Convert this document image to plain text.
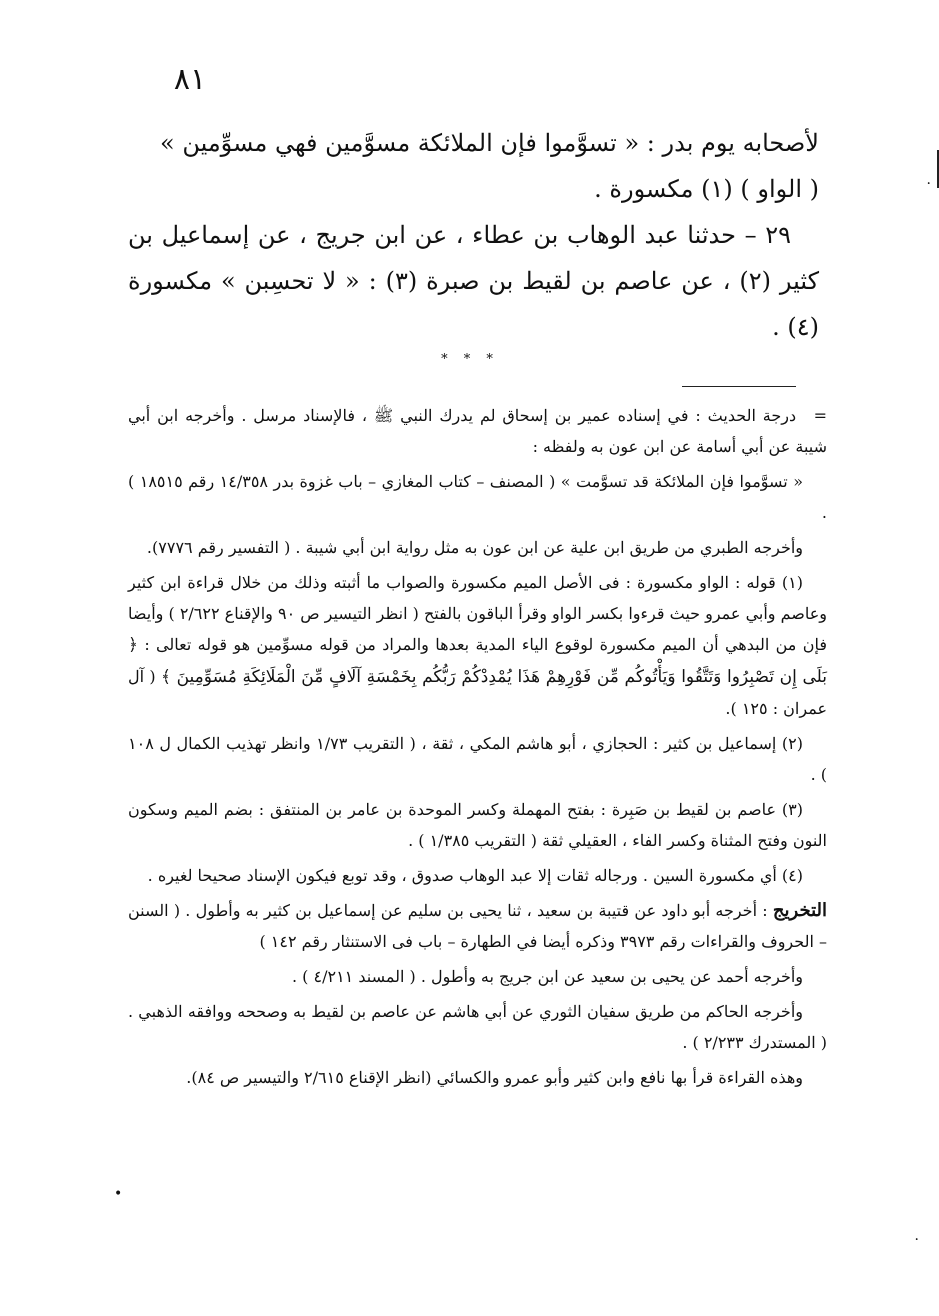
٨١
·
·

لأصحابه يوم بدر : « تسوَّموا فإن الملائكة مسوَّمين فهي مسوِّمين »

( الواو ) (١) مكسورة .

٢٩ – حدثنا عبد الوهاب بن عطاء ، عن ابن جريج ، عن إسماعيل بن كثير (٢) ، عن عاصم بن لقيط بن صبرة (٣) : « لا تحسِبن » مكسورة (٤) .

* * *

= درجة الحديث : في إسناده عمير بن إسحاق لم يدرك النبي ﷺ ، فالإسناد مرسل . وأخرجه ابن أبي شيبة عن أبي أسامة عن ابن عون به ولفظه :

« تسوَّموا فإن الملائكة قد تسوَّمت » ( المصنف – كتاب المغازي – باب غزوة بدر ١٤/٣٥٨ رقم ١٨٥١٥ ) .

وأخرجه الطبري من طريق ابن علية عن ابن عون به مثل رواية ابن أبي شيبة . ( التفسير رقم ٧٧٧٦).

(١) قوله : الواو مكسورة : فى الأصل الميم مكسورة والصواب ما أثبته وذلك من خلال قراءة ابن كثير وعاصم وأبي عمرو حيث قرءوا بكسر الواو وقرأ الباقون بالفتح ( انظر التيسير ص ٩٠ والإقناع ٢/٦٢٢ ) وأيضا فإن من البدهي أن الميم مكسورة لوقوع الياء المدية بعدها والمراد من قوله مسوِّمين هو قوله تعالى : ﴿ بَلَى إِن تَصْبِرُوا وَتَتَّقُوا وَيَأْتُوكُم مِّن فَوْرِهِمْ هَذَا يُمْدِدْكُمْ رَبُّكُم بِخَمْسَةِ آلَافٍ مِّنَ الْمَلَائِكَةِ مُسَوِّمِينَ ﴾ ( آل عمران : ١٢٥ ).

(٢) إسماعيل بن كثير : الحجازي ، أبو هاشم المكي ، ثقة ، ( التقريب ١/٧٣ وانظر تهذيب الكمال ل ١٠٨ ) .

(٣) عاصم بن لقيط بن صَبِرة : بفتح المهملة وكسر الموحدة بن عامر بن المنتفق : بضم الميم وسكون النون وفتح المثناة وكسر الفاء ، العقيلي ثقة ( التقريب ١/٣٨٥ ) .

(٤) أي مكسورة السين . ورجاله ثقات إلا عبد الوهاب صدوق ، وقد توبع فيكون الإسناد صحيحا لغيره .

التخريج : أخرجه أبو داود عن قتيبة بن سعيد ، ثنا يحيى بن سليم عن إسماعيل بن كثير به وأطول . ( السنن – الحروف والقراءات رقم ٣٩٧٣ وذكره أيضا في الطهارة – باب فى الاستنثار رقم ١٤٢ )

وأخرجه أحمد عن يحيى بن سعيد عن ابن جريج به وأطول . ( المسند ٤/٢١١ ) .

وأخرجه الحاكم من طريق سفيان الثوري عن أبي هاشم عن عاصم بن لقيط به وصححه ووافقه الذهبي . ( المستدرك ٢/٢٣٣ ) .

وهذه القراءة قرأ بها نافع وابن كثير وأبو عمرو والكسائي (انظر الإقناع ٢/٦١٥ والتيسير ص ٨٤).

•
